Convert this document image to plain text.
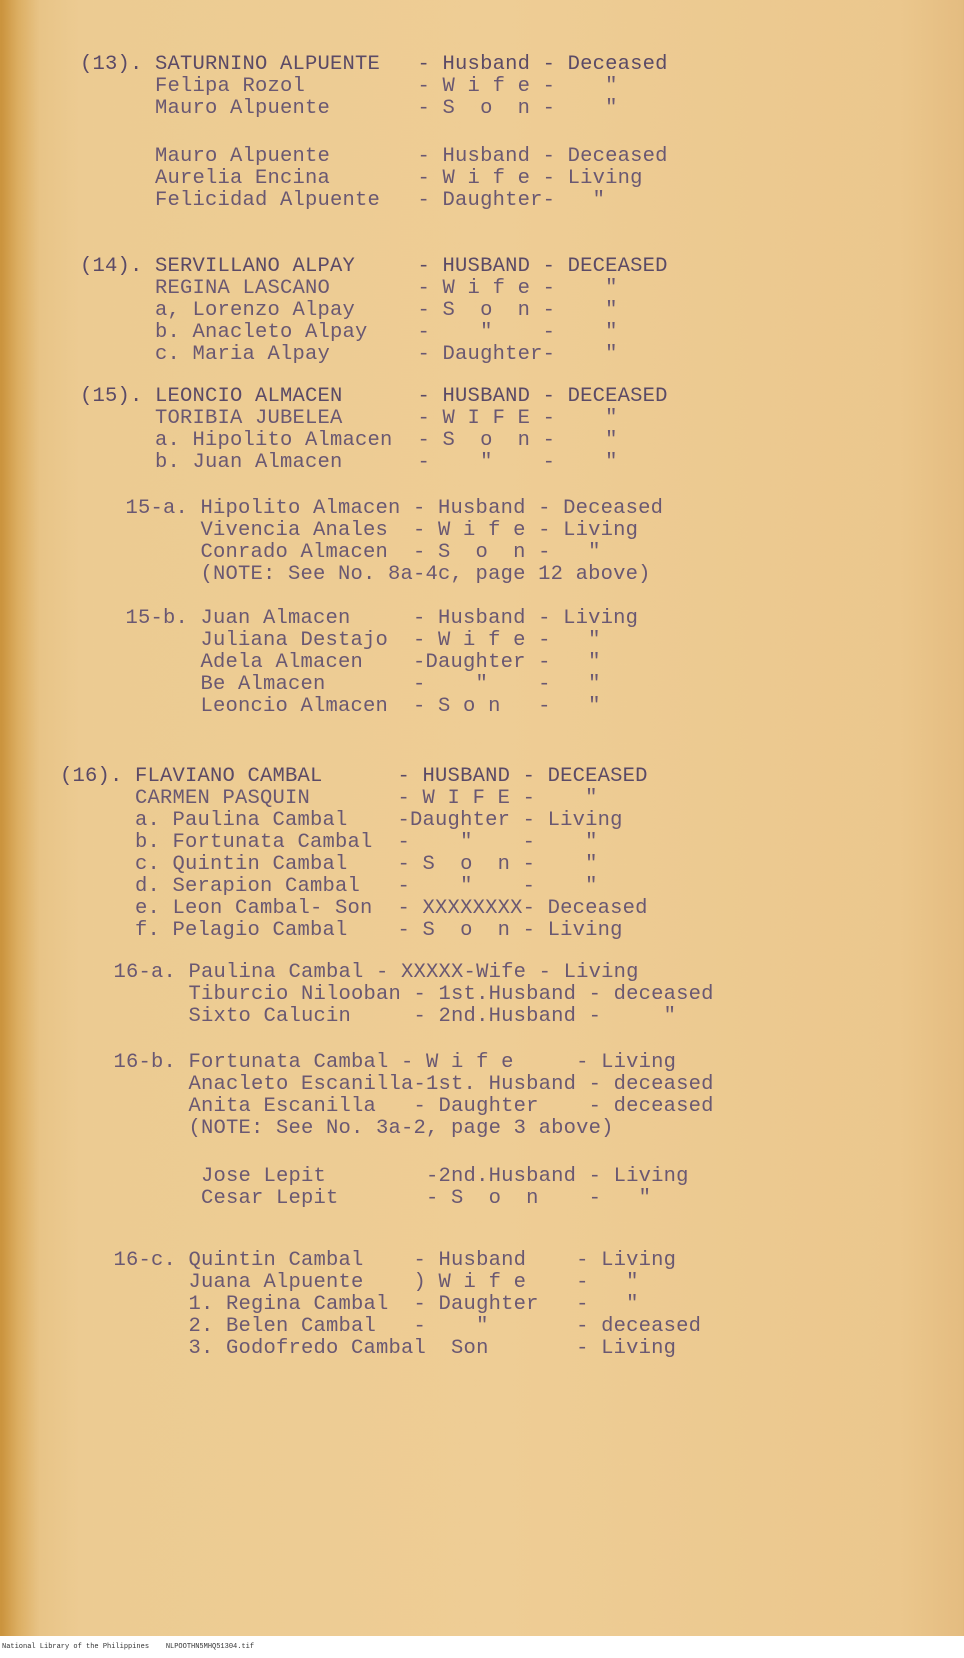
(13). SATURNINO ALPUENTE   - Husband - Deceased
Felipa Rozol         - W i f e -    "
Mauro Alpuente       - S  o  n -    "
Mauro Alpuente       - Husband - Deceased
Aurelia Encina       - W i f e - Living
Felicidad Alpuente   - Daughter-   "
(14). SERVILLANO ALPAY     - HUSBAND - DECEASED
REGINA LASCANO       - W i f e -    "
a, Lorenzo Alpay     - S  o  n -    "
b. Anacleto Alpay    -    "    -    "
c. Maria Alpay       - Daughter-    "
(15). LEONCIO ALMACEN      - HUSBAND - DECEASED
TORIBIA JUBELEA      - W I F E -    "
a. Hipolito Almacen  - S  o  n -    "
b. Juan Almacen      -    "    -    "
15-a. Hipolito Almacen - Husband - Deceased
Vivencia Anales  - W i f e - Living
Conrado Almacen  - S  o  n -   "
(NOTE: See No. 8a-4c, page 12 above)
15-b. Juan Almacen     - Husband - Living
Juliana Destajo  - W i f e -   "
Adela Almacen    -Daughter -   "
Be Almacen       -    "    -   "
Leoncio Almacen  - S o n   -   "
(16). FLAVIANO CAMBAL      - HUSBAND - DECEASED
CARMEN PASQUIN       - W I F E -    "
a. Paulina Cambal    -Daughter - Living
b. Fortunata Cambal  -    "    -    "
c. Quintin Cambal    - S  o  n -    "
d. Serapion Cambal   -    "    -    "
e. Leon Cambal- Son  - XXXXXXXX- Deceased
f. Pelagio Cambal    - S  o  n - Living
16-a. Paulina Cambal - XXXXX-Wife - Living
Tiburcio Nilooban - 1st.Husband - deceased
Sixto Calucin     - 2nd.Husband -     "
16-b. Fortunata Cambal - W i f e     - Living
Anacleto Escanilla-1st. Husband - deceased
Anita Escanilla   - Daughter    - deceased
(NOTE: See No. 3a-2, page 3 above)
Jose Lepit        -2nd.Husband - Living
Cesar Lepit       - S  o  n    -   "
16-c. Quintin Cambal    - Husband    - Living
Juana Alpuente    ) W i f e    -   "
1. Regina Cambal  - Daughter   -   "
2. Belen Cambal   -    "       - deceased
3. Godofredo Cambal  Son       - Living
National Library of the Philippines    NLPOOTHN5MHQ51304.tif
